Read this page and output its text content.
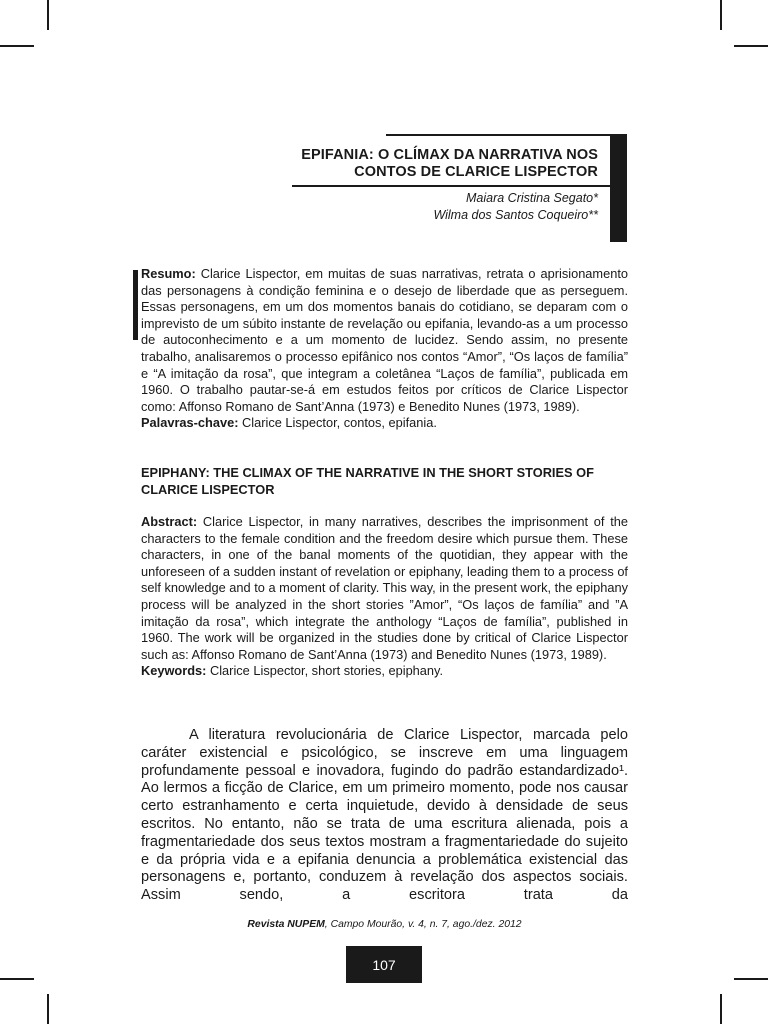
EPIFANIA: O CLÍMAX DA NARRATIVA NOS CONTOS DE CLARICE LISPECTOR
Maiara Cristina Segato*
Wilma dos Santos Coqueiro**

Resumo: Clarice Lispector, em muitas de suas narrativas, retrata o aprisionamento das personagens à condição feminina e o desejo de liberdade que as perseguem. Essas personagens, em um dos momentos banais do cotidiano, se deparam com o imprevisto de um súbito instante de revelação ou epifania, levando-as a um processo de autoconhecimento e a um momento de lucidez. Sendo assim, no presente trabalho, analisaremos o processo epifânico nos contos “Amor”, “Os laços de família” e “A imitação da rosa”, que integram a coletânea “Laços de família”, publicada em 1960. O trabalho pautar-se-á em estudos feitos por críticos de Clarice Lispector como: Affonso Romano de Sant’Anna (1973) e Benedito Nunes (1973, 1989).

Palavras-chave: Clarice Lispector, contos, epifania.

EPIPHANY: THE CLIMAX OF THE NARRATIVE IN THE SHORT STORIES OF CLARICE LISPECTOR

Abstract: Clarice Lispector, in many narratives, describes the imprisonment of the characters to the female condition and the freedom desire which pursue them. These characters, in one of the banal moments of the quotidian, they appear with the unforeseen of a sudden instant of revelation or epiphany, leading them to a process of self knowledge and to a moment of clarity. This way, in the present work, the epiphany process will be analyzed in the short stories ”Amor”, “Os laços de família” and ”A imitação da rosa”, which integrate the anthology “Laços de família”, published in 1960. The work will be organized in the studies done by critical of Clarice Lispector such as: Affonso Romano de Sant’Anna (1973) and Benedito Nunes (1973, 1989).

Keywords: Clarice Lispector, short stories, epiphany.

A literatura revolucionária de Clarice Lispector, marcada pelo caráter existencial e psicológico, se inscreve em uma linguagem profundamente pessoal e inovadora, fugindo do padrão estandardizado¹. Ao lermos a ficção de Clarice, em um primeiro momento, pode nos causar certo estranhamento e certa inquietude, devido à densidade de seus escritos. No entanto, não se trata de uma escritura alienada, pois a fragmentariedade dos seus textos mostram a fragmentariedade do sujeito e da própria vida e a epifania denuncia a problemática existencial das personagens e, portanto, conduzem à revelação dos aspectos sociais. Assim sendo, a escritora trata da
Revista NUPEM, Campo Mourão, v. 4, n. 7, ago./dez. 2012
107
